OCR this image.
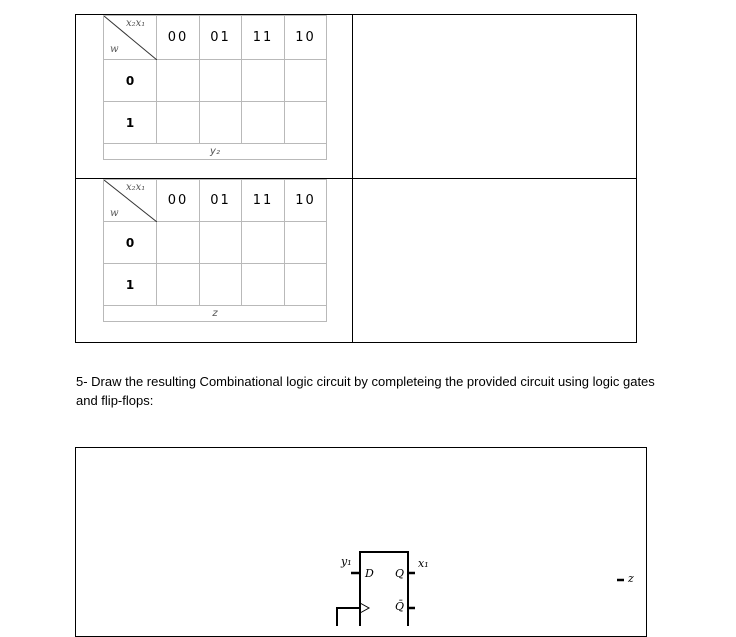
x₂x₁
w	00	01	11	10
0				
1				
y₂				
x₂x₁
w	00	01	11	10
0				
1				
z				
5- Draw the resulting Combinational logic circuit by completeing the provided circuit using logic gates and flip-flops:
y₁
D Q
Q̄
x₁
z
